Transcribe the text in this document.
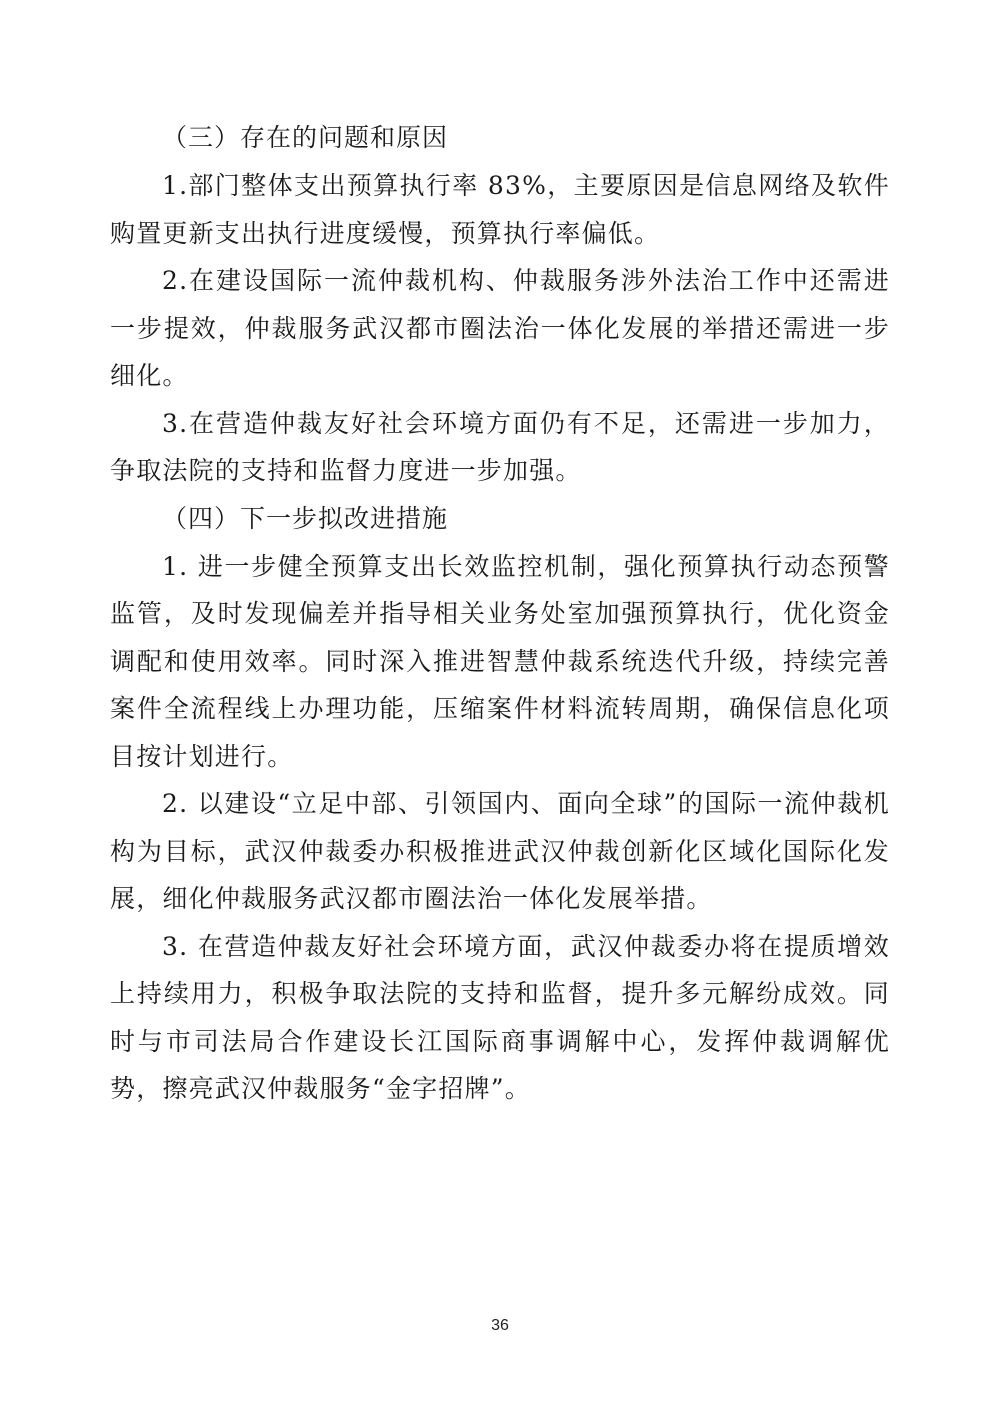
（三）存在的问题和原因

1.部门整体支出预算执行率 83%，主要原因是信息网络及软件购置更新支出执行进度缓慢，预算执行率偏低。

2.在建设国际一流仲裁机构、仲裁服务涉外法治工作中还需进一步提效，仲裁服务武汉都市圈法治一体化发展的举措还需进一步细化。

3.在营造仲裁友好社会环境方面仍有不足，还需进一步加力，争取法院的支持和监督力度进一步加强。

（四）下一步拟改进措施

1. 进一步健全预算支出长效监控机制，强化预算执行动态预警监管，及时发现偏差并指导相关业务处室加强预算执行，优化资金调配和使用效率。同时深入推进智慧仲裁系统迭代升级，持续完善案件全流程线上办理功能，压缩案件材料流转周期，确保信息化项目按计划进行。

2. 以建设“立足中部、引领国内、面向全球”的国际一流仲裁机构为目标，武汉仲裁委办积极推进武汉仲裁创新化区域化国际化发展，细化仲裁服务武汉都市圈法治一体化发展举措。

3. 在营造仲裁友好社会环境方面，武汉仲裁委办将在提质增效上持续用力，积极争取法院的支持和监督，提升多元解纷成效。同时与市司法局合作建设长江国际商事调解中心，发挥仲裁调解优势，擦亮武汉仲裁服务“金字招牌”。

36
